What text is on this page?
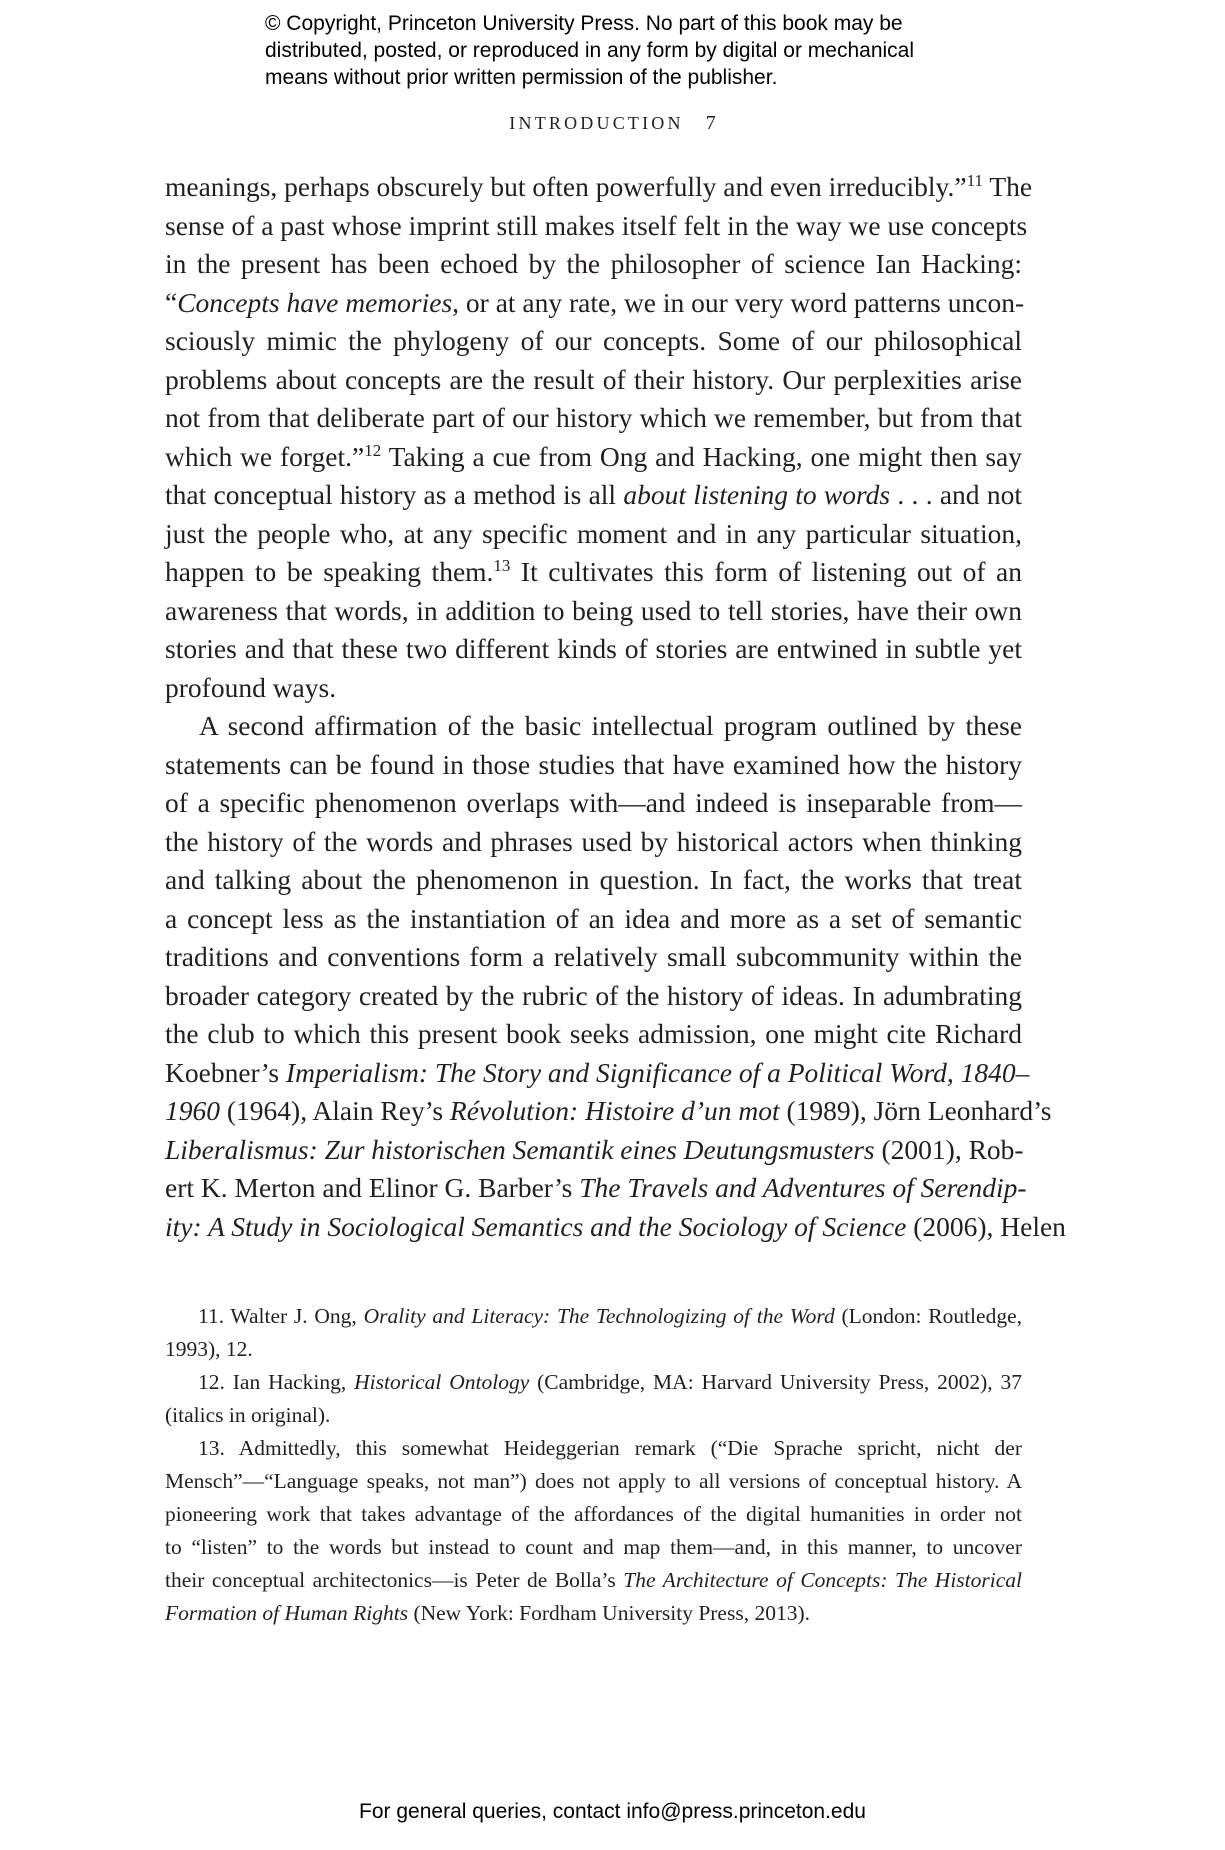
© Copyright, Princeton University Press. No part of this book may be
distributed, posted, or reproduced in any form by digital or mechanical
means without prior written permission of the publisher.
INTRODUCTION 7
meanings, perhaps obscurely but often powerfully and even irreducibly.”$^{11}$ The
sense of a past whose imprint still makes itself felt in the way we use concepts
in the present has been echoed by the philosopher of science Ian Hacking:
“Concepts have memories, or at any rate, we in our very word patterns uncon-
sciously mimic the phylogeny of our concepts. Some of our philosophical
problems about concepts are the result of their history. Our perplexities arise
not from that deliberate part of our history which we remember, but from that
which we forget.”$^{12}$ Taking a cue from Ong and Hacking, one might then say
that conceptual history as a method is all about listening to words . . . and not
just the people who, at any specific moment and in any particular situation,
happen to be speaking them.$^{13}$ It cultivates this form of listening out of an
awareness that words, in addition to being used to tell stories, have their own
stories and that these two different kinds of stories are entwined in subtle yet
profound ways.
A second affirmation of the basic intellectual program outlined by these
statements can be found in those studies that have examined how the history
of a specific phenomenon overlaps with—and indeed is inseparable from—
the history of the words and phrases used by historical actors when thinking
and talking about the phenomenon in question. In fact, the works that treat
a concept less as the instantiation of an idea and more as a set of semantic
traditions and conventions form a relatively small subcommunity within the
broader category created by the rubric of the history of ideas. In adumbrating
the club to which this present book seeks admission, one might cite Richard
Koebner’s Imperialism: The Story and Significance of a Political Word, 1840–
1960 (1964), Alain Rey’s Révolution: Histoire d’un mot (1989), Jörn Leonhard’s
Liberalismus: Zur historischen Semantik eines Deutungsmusters (2001), Rob-
ert K. Merton and Elinor G. Barber’s The Travels and Adventures of Serendip-
ity: A Study in Sociological Semantics and the Sociology of Science (2006), Helen
11. Walter J. Ong, Orality and Literacy: The Technologizing of the Word (London: Routledge,
1993), 12.
12. Ian Hacking, Historical Ontology (Cambridge, MA: Harvard University Press, 2002), 37
(italics in original).
13. Admittedly, this somewhat Heideggerian remark (“Die Sprache spricht, nicht der
Mensch”—“Language speaks, not man”) does not apply to all versions of conceptual history. A
pioneering work that takes advantage of the affordances of the digital humanities in order not
to “listen” to the words but instead to count and map them—and, in this manner, to uncover
their conceptual architectonics—is Peter de Bolla’s The Architecture of Concepts: The Historical
Formation of Human Rights (New York: Fordham University Press, 2013).
For general queries, contact info@press.princeton.edu
